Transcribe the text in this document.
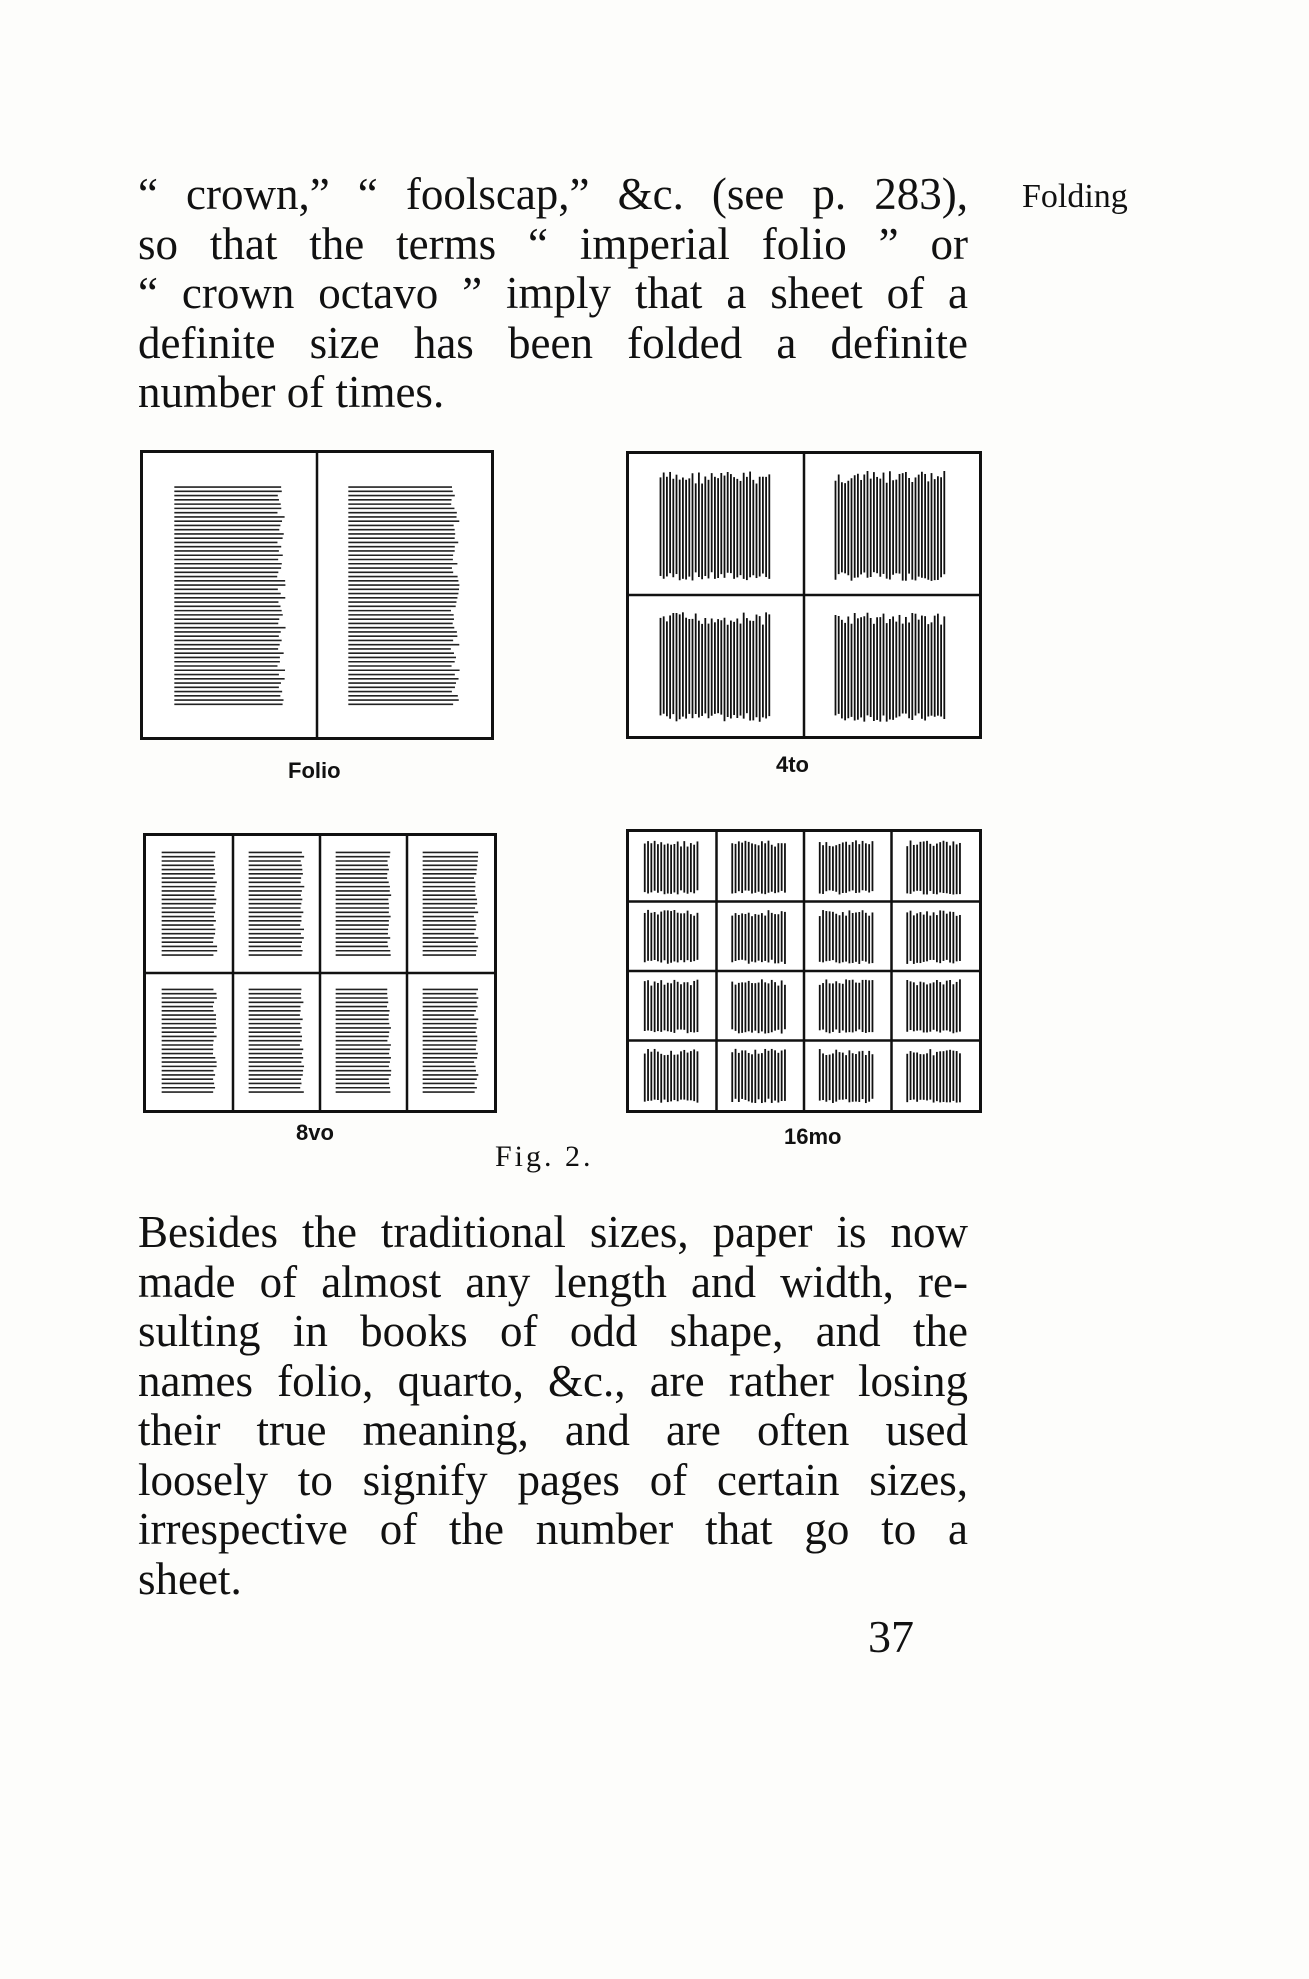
Folding
“ crown,” “ foolscap,” &c. (see p. 283),
so that the terms “ imperial folio ” or
“ crown octavo ” imply that a sheet of a
definite size has been folded a definite
number of times.
Folio	4to
8vo	16mo
Fig. 2.
Besides the traditional sizes, paper is now
made of almost any length and width, re-
sulting in books of odd shape, and the
names folio, quarto, &c., are rather losing
their true meaning, and are often used
loosely to signify pages of certain sizes,
irrespective of the number that go to a
sheet.
37
